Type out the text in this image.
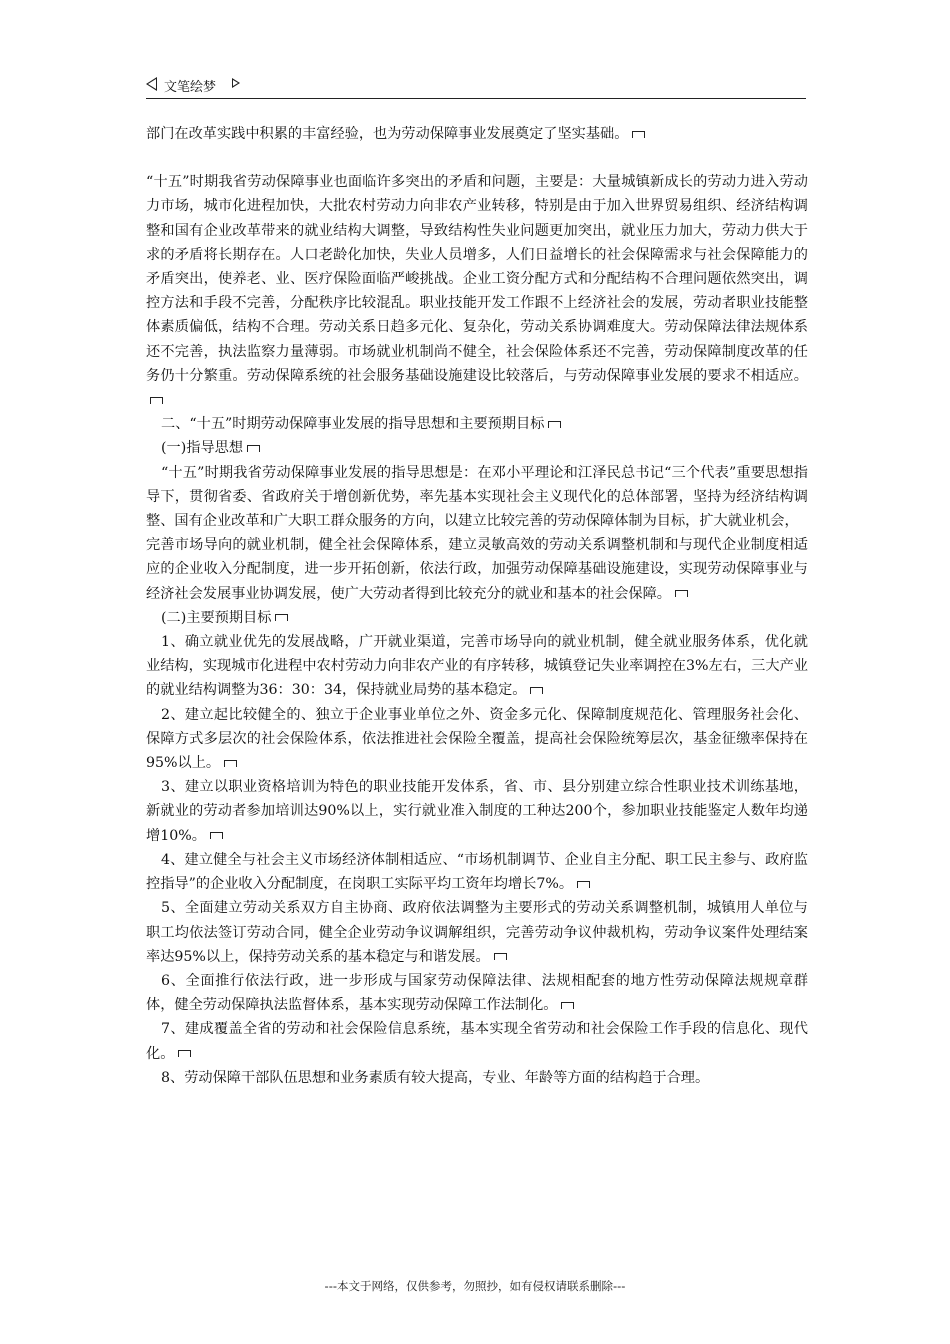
文笔绘梦

部门在改革实践中积累的丰富经验，也为劳动保障事业发展奠定了坚实基础。

“十五”时期我省劳动保障事业也面临许多突出的矛盾和问题，主要是：大量城镇新成长的劳动力进入劳动力市场，城市化进程加快，大批农村劳动力向非农产业转移，特别是由于加入世界贸易组织、经济结构调整和国有企业改革带来的就业结构大调整，导致结构性失业问题更加突出，就业压力加大，劳动力供大于求的矛盾将长期存在。人口老龄化加快，失业人员增多，人们日益增长的社会保障需求与社会保障能力的矛盾突出，使养老、业、医疗保险面临严峻挑战。企业工资分配方式和分配结构不合理问题依然突出，调控方法和手段不完善，分配秩序比较混乱。职业技能开发工作跟不上经济社会的发展，劳动者职业技能整体素质偏低，结构不合理。劳动关系日趋多元化、复杂化，劳动关系协调难度大。劳动保障法律法规体系还不完善，执法监察力量薄弱。市场就业机制尚不健全，社会保险体系还不完善，劳动保障制度改革的任务仍十分繁重。劳动保障系统的社会服务基础设施建设比较落后，与劳动保障事业发展的要求不相适应。

二、“十五”时期劳动保障事业发展的指导思想和主要预期目标

(一)指导思想

“十五”时期我省劳动保障事业发展的指导思想是：在邓小平理论和江泽民总书记“三个代表”重要思想指导下，贯彻省委、省政府关于增创新优势，率先基本实现社会主义现代化的总体部署，坚持为经济结构调整、国有企业改革和广大职工群众服务的方向，以建立比较完善的劳动保障体制为目标，扩大就业机会，

完善市场导向的就业机制，健全社会保障体系，建立灵敏高效的劳动关系调整机制和与现代企业制度相适应的企业收入分配制度，进一步开拓创新，依法行政，加强劳动保障基础设施建设，实现劳动保障事业与经济社会发展事业协调发展，使广大劳动者得到比较充分的就业和基本的社会保障。

(二)主要预期目标

1、确立就业优先的发展战略，广开就业渠道，完善市场导向的就业机制，健全就业服务体系，优化就业结构，实现城市化进程中农村劳动力向非农产业的有序转移，城镇登记失业率调控在3%左右，三大产业的就业结构调整为36：30：34，保持就业局势的基本稳定。

2、建立起比较健全的、独立于企业事业单位之外、资金多元化、保障制度规范化、管理服务社会化、保障方式多层次的社会保险体系，依法推进社会保险全覆盖，提高社会保险统筹层次，基金征缴率保持在95%以上。

3、建立以职业资格培训为特色的职业技能开发体系，省、市、县分别建立综合性职业技术训练基地，新就业的劳动者参加培训达90%以上，实行就业准入制度的工种达200个，参加职业技能鉴定人数年均递增10%。

4、建立健全与社会主义市场经济体制相适应、“市场机制调节、企业自主分配、职工民主参与、政府监控指导”的企业收入分配制度，在岗职工实际平均工资年均增长7%。

5、全面建立劳动关系双方自主协商、政府依法调整为主要形式的劳动关系调整机制，城镇用人单位与职工均依法签订劳动合同，健全企业劳动争议调解组织，完善劳动争议仲裁机构，劳动争议案件处理结案率达95%以上，保持劳动关系的基本稳定与和谐发展。

6、全面推行依法行政，进一步形成与国家劳动保障法律、法规相配套的地方性劳动保障法规规章群体，健全劳动保障执法监督体系，基本实现劳动保障工作法制化。

7、建成覆盖全省的劳动和社会保险信息系统，基本实现全省劳动和社会保险工作手段的信息化、现代化。

8、劳动保障干部队伍思想和业务素质有较大提高，专业、年龄等方面的结构趋于合理。

---本文于网络，仅供参考，勿照抄，如有侵权请联系删除---
